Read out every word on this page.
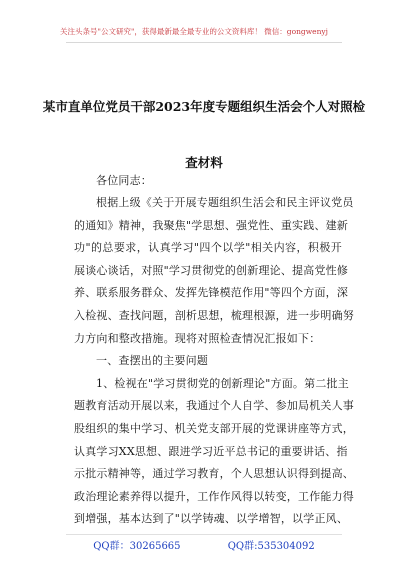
关注头条号"公文研究"，获得最新最全最专业的公文资料库！ 微信：gongwenyj
某市直单位党员干部2023年度专题组织生活会个人对照检
查材料
各位同志：
根据上级《关于开展专题组织生活会和民主评议党员
的通知》精神，我聚焦"学思想、强党性、重实践、建新
功"的总要求，认真学习"四个以学"相关内容，积极开
展谈心谈话，对照"学习贯彻党的创新理论、提高党性修
养、联系服务群众、发挥先锋模范作用"等四个方面，深
入检视、查找问题，剖析思想，梳理根源，进一步明确努
力方向和整改措施。现将对照检查情况汇报如下：
一、查摆出的主要问题
1、检视在"学习贯彻党的创新理论"方面。第二批主
题教育活动开展以来，我通过个人自学、参加局机关人事
股组织的集中学习、机关党支部开展的党课讲座等方式，
认真学习XX思想、跟进学习近平总书记的重要讲话、指
示批示精神等，通过学习教育，个人思想认识得到提高、
政治理论素养得以提升，工作作风得以转变，工作能力得
到增强，基本达到了"以学铸魂、以学增智，以学正风、
QQ群：30265665	QQ群:535304092
